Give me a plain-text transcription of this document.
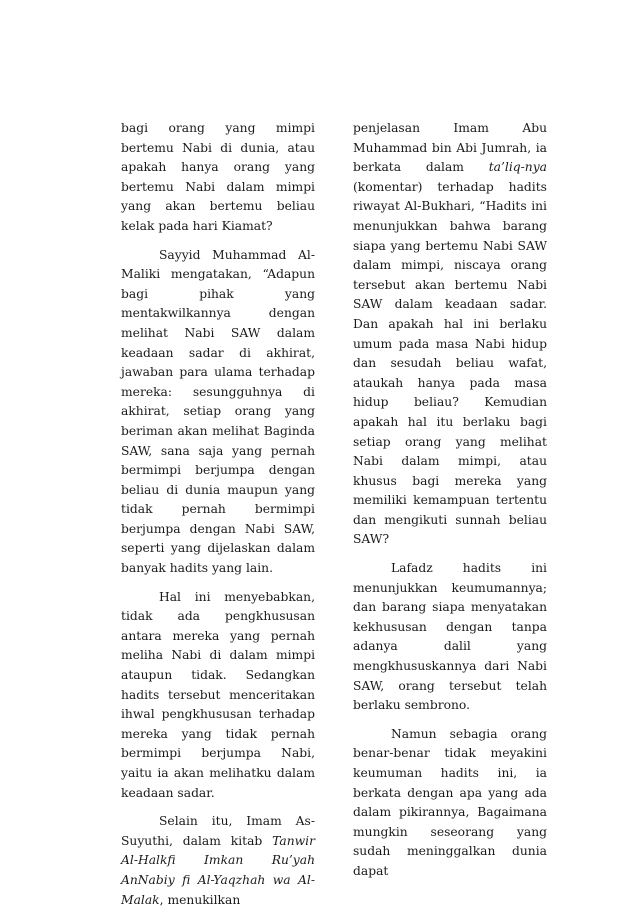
bagi orang yang mimpi bertemu Nabi di dunia, atau apakah hanya orang yang bertemu Nabi dalam mimpi yang akan bertemu beliau kelak pada hari Kiamat?

Sayyid Muhammad Al-Maliki mengatakan, “Adapun bagi pihak yang mentakwilkannya dengan melihat Nabi SAW dalam keadaan sadar di akhirat, jawaban para ulama terhadap mereka: sesungguhnya di akhirat, setiap orang yang beriman akan melihat Baginda SAW, sana saja yang pernah bermimpi berjumpa dengan beliau di dunia maupun yang tidak pernah bermimpi berjumpa dengan Nabi SAW, seperti yang dijelaskan dalam banyak hadits yang lain.

Hal ini menyebabkan, tidak ada pengkhususan antara mereka yang pernah meliha Nabi di dalam mimpi ataupun tidak. Sedangkan hadits tersebut menceritakan ihwal pengkhususan terhadap mereka yang tidak pernah bermimpi berjumpa Nabi, yaitu ia akan melihatku dalam keadaan sadar.

Selain itu, Imam As-Suyuthi, dalam kitab Tanwir Al-Halkfi Imkan Ru’yah AnNabiy fi Al-Yaqzhah wa Al-Malak, menukilkan

penjelasan Imam Abu Muhammad bin Abi Jumrah, ia berkata dalam ta’liq-nya (komentar) terhadap hadits riwayat Al-Bukhari, “Hadits ini menunjukkan bahwa barang siapa yang bertemu Nabi SAW dalam mimpi, niscaya orang tersebut akan bertemu Nabi SAW dalam keadaan sadar. Dan apakah hal ini berlaku umum pada masa Nabi hidup dan sesudah beliau wafat, ataukah hanya pada masa hidup beliau? Kemudian apakah hal itu berlaku bagi setiap orang yang melihat Nabi dalam mimpi, atau khusus bagi mereka yang memiliki kemampuan tertentu dan mengikuti sunnah beliau SAW?

Lafadz hadits ini menunjukkan keumumannya; dan barang siapa menyatakan kekhususan dengan tanpa adanya dalil yang mengkhususkannya dari Nabi SAW, orang tersebut telah berlaku sembrono.

Namun sebagia orang benar-benar tidak meyakini keumuman hadits ini, ia berkata dengan apa yang ada dalam pikirannya, Bagaimana mungkin seseorang yang sudah meninggalkan dunia dapat
